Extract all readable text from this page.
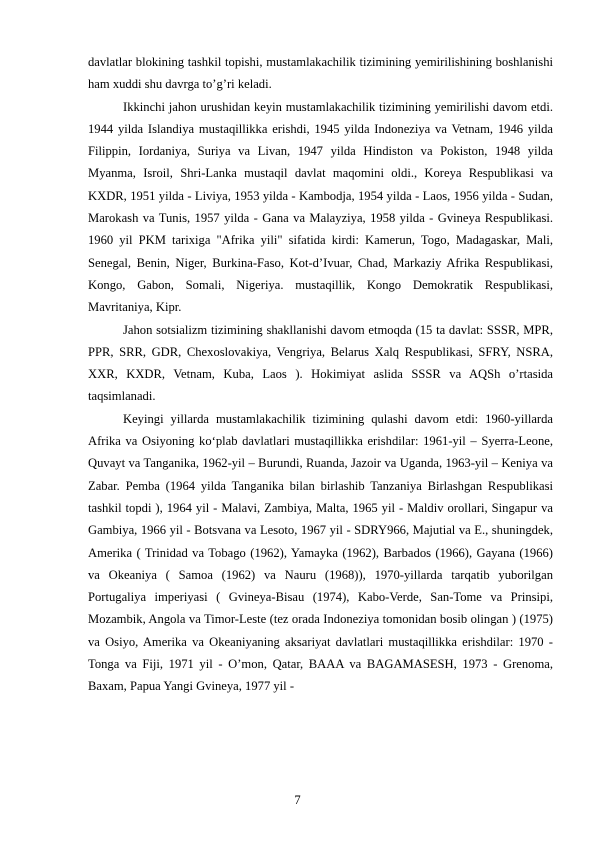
davlatlar blokining tashkil topishi, mustamlakachilik tizimining yemirilishining boshlanishi ham xuddi shu davrga to’g’ri keladi.

Ikkinchi jahon urushidan keyin mustamlakachilik tizimining yemirilishi davom etdi. 1944 yilda Islandiya mustaqillikka erishdi, 1945 yilda Indoneziya va Vetnam, 1946 yilda Filippin, Iordaniya, Suriya va Livan, 1947 yilda Hindiston va Pokiston, 1948 yilda Myanma, Isroil, Shri-Lanka mustaqil davlat maqomini oldi., Koreya Respublikasi va KXDR, 1951 yilda - Liviya, 1953 yilda - Kambodja, 1954 yilda - Laos, 1956 yilda - Sudan, Marokash va Tunis, 1957 yilda - Gana va Malayziya, 1958 yilda - Gvineya Respublikasi. 1960 yil PKM tarixiga "Afrika yili" sifatida kirdi: Kamerun, Togo, Madagaskar, Mali, Senegal, Benin, Niger, Burkina-Faso, Kot-d’Ivuar, Chad, Markaziy Afrika Respublikasi, Kongo, Gabon, Somali, Nigeriya. mustaqillik, Kongo Demokratik Respublikasi, Mavritaniya, Kipr.

Jahon sotsializm tizimining shakllanishi davom etmoqda (15 ta davlat: SSSR, MPR, PPR, SRR, GDR, Chexoslovakiya, Vengriya, Belarus Xalq Respublikasi, SFRY, NSRA, XXR, KXDR, Vetnam, Kuba, Laos ). Hokimiyat aslida SSSR va AQSh o’rtasida taqsimlanadi.

Keyingi yillarda mustamlakachilik tizimining qulashi davom etdi: 1960-yillarda Afrika va Osiyoning ko‘plab davlatlari mustaqillikka erishdilar: 1961-yil – Syerra-Leone, Quvayt va Tanganika, 1962-yil – Burundi, Ruanda, Jazoir va Uganda, 1963-yil – Keniya va Zabar. Pemba (1964 yilda Tanganika bilan birlashib Tanzaniya Birlashgan Respublikasi tashkil topdi ), 1964 yil - Malavi, Zambiya, Malta, 1965 yil - Maldiv orollari, Singapur va Gambiya, 1966 yil - Botsvana va Lesoto, 1967 yil - SDRY966, Majutial va E., shuningdek, Amerika ( Trinidad va Tobago (1962), Yamayka (1962), Barbados (1966), Gayana (1966) va Okeaniya ( Samoa (1962) va Nauru (1968)), 1970-yillarda tarqatib yuborilgan Portugaliya imperiyasi ( Gvineya-Bisau (1974), Kabo-Verde, San-Tome va Prinsipi, Mozambik, Angola va Timor-Leste (tez orada Indoneziya tomonidan bosib olingan ) (1975) va Osiyo, Amerika va Okeaniyaning aksariyat davlatlari mustaqillikka erishdilar: 1970 - Tonga va Fiji, 1971 yil - O’mon, Qatar, BAAA va BAGAMASESH, 1973 - Grenoma, Baxam, Papua Yangi Gvineya, 1977 yil -

7
